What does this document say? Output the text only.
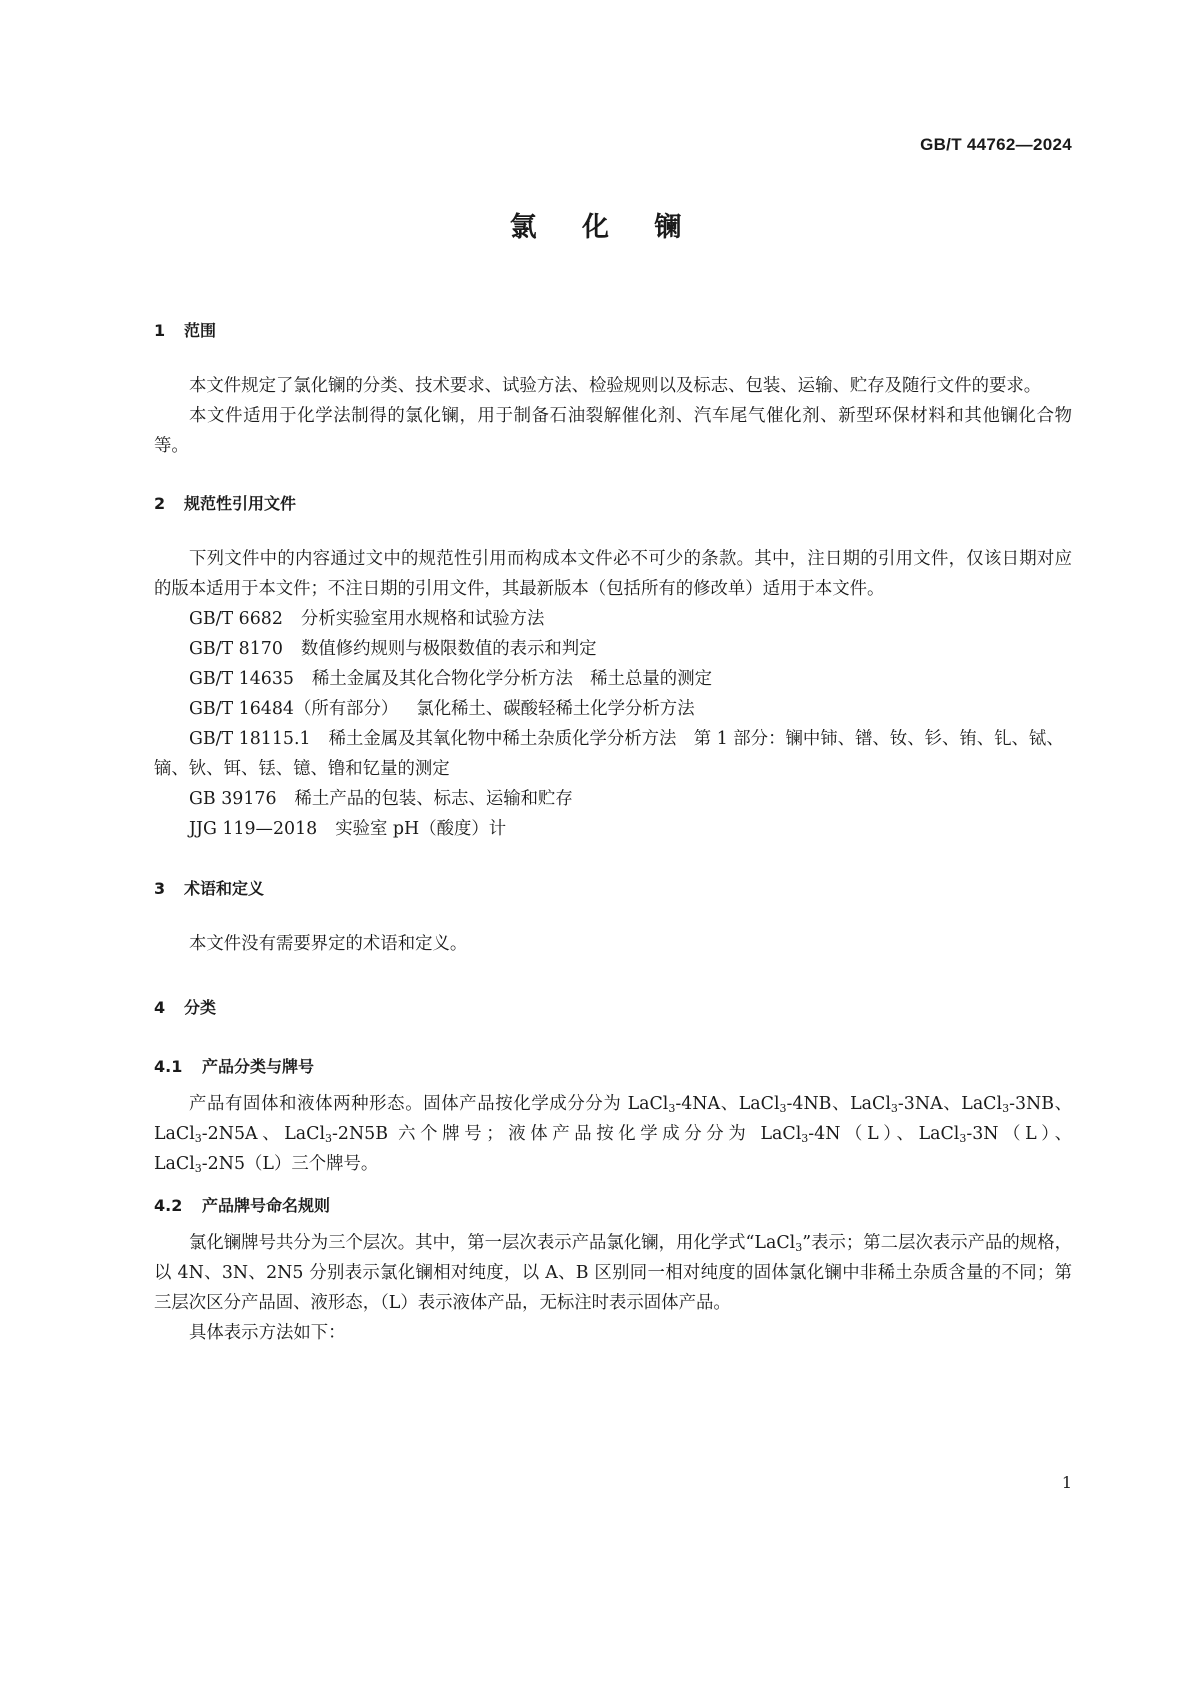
GB/T 44762—2024
氯 化 镧
1 范围

本文件规定了氯化镧的分类、技术要求、试验方法、检验规则以及标志、包装、运输、贮存及随行文件的要求。

本文件适用于化学法制得的氯化镧，用于制备石油裂解催化剂、汽车尾气催化剂、新型环保材料和其他镧化合物等。

2 规范性引用文件

下列文件中的内容通过文中的规范性引用而构成本文件必不可少的条款。其中，注日期的引用文件，仅该日期对应的版本适用于本文件；不注日期的引用文件，其最新版本（包括所有的修改单）适用于本文件。

GB/T 6682 分析实验室用水规格和试验方法

GB/T 8170 数值修约规则与极限数值的表示和判定

GB/T 14635 稀土金属及其化合物化学分析方法　稀土总量的测定

GB/T 16484（所有部分） 氯化稀土、碳酸轻稀土化学分析方法

GB/T 18115.1 稀土金属及其氧化物中稀土杂质化学分析方法　第 1 部分：镧中铈、镨、钕、钐、铕、钆、铽、镝、钬、铒、铥、镱、镥和钇量的测定

GB 39176 稀土产品的包装、标志、运输和贮存

JJG 119—2018 实验室 pH（酸度）计

3 术语和定义

本文件没有需要界定的术语和定义。

4 分类
4.1 产品分类与牌号

产品有固体和液体两种形态。固体产品按化学成分分为 LaCl$_3$-4NA、LaCl$_3$-4NB、LaCl$_3$-3NA、LaCl$_3$-3NB、LaCl$_3$-2N5A、LaCl$_3$-2N5B 六个牌号；液体产品按化学成分分为 LaCl$_3$-4N（L）、LaCl$_3$-3N（L）、LaCl$_3$-2N5（L）三个牌号。

4.2 产品牌号命名规则

氯化镧牌号共分为三个层次。其中，第一层次表示产品氯化镧，用化学式“LaCl$_3$”表示；第二层次表示产品的规格，以 4N、3N、2N5 分别表示氯化镧相对纯度，以 A、B 区别同一相对纯度的固体氯化镧中非稀土杂质含量的不同；第三层次区分产品固、液形态，（L）表示液体产品，无标注时表示固体产品。

具体表示方法如下：

1
